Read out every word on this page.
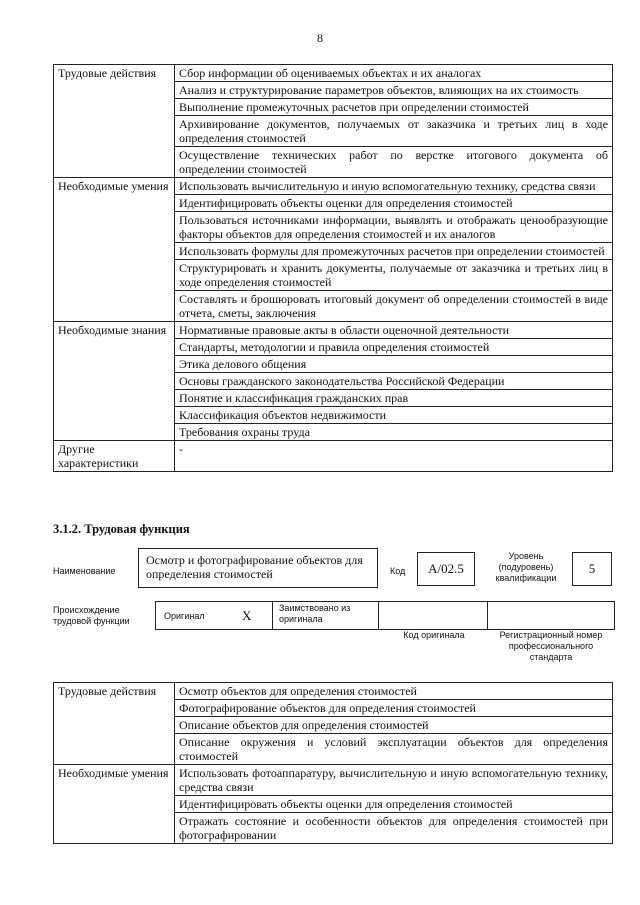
8
Трудовые действия	Сбор информации об оцениваемых объектах и их аналогах
	Анализ и структурирование параметров объектов, влияющих на их стоимость
	Выполнение промежуточных расчетов при определении стоимостей
	Архивирование документов, получаемых от заказчика и третьих лиц в ходе определения стоимостей
	Осуществление технических работ по верстке итогового документа об определении стоимостей
Необходимые умения	Использовать вычислительную и иную вспомогательную технику, средства связи
	Идентифицировать объекты оценки для определения стоимостей
	Пользоваться источниками информации, выявлять и отображать ценообразующие факторы объектов для определения стоимостей и их аналогов
	Использовать формулы для промежуточных расчетов при определении стоимостей
	Структурировать и хранить документы, получаемые от заказчика и третьих лиц в ходе определения стоимостей
	Составлять и брошюровать итоговый документ об определении стоимостей в виде отчета, сметы, заключения
Необходимые знания	Нормативные правовые акты в области оценочной деятельности
	Стандарты, методологии и правила определения стоимостей
	Этика делового общения
	Основы гражданского законодательства Российской Федерации
	Понятие и классификация гражданских прав
	Классификация объектов недвижимости
	Требования охраны труда
Другие характеристики	-
3.1.2. Трудовая функция
Наименование
Осмотр и фотографирование объектов для определения стоимостей	Код	А/02.5
Уровень (подуровень) квалификации
5
Происхождение трудовой функции	Оригинал	X	Заимствовано из оригинала
Код оригинала	Регистрационный номер профессионального стандарта
Трудовые действия	Осмотр объектов для определения стоимостей
	Фотографирование объектов для определения стоимостей
	Описание объектов для определения стоимостей
	Описание окружения и условий эксплуатации объектов для определения стоимостей
Необходимые умения	Использовать фотоаппаратуру, вычислительную и иную вспомогательную технику, средства связи
	Идентифицировать объекты оценки для определения стоимостей
	Отражать состояние и особенности объектов для определения стоимостей при фотографировании
